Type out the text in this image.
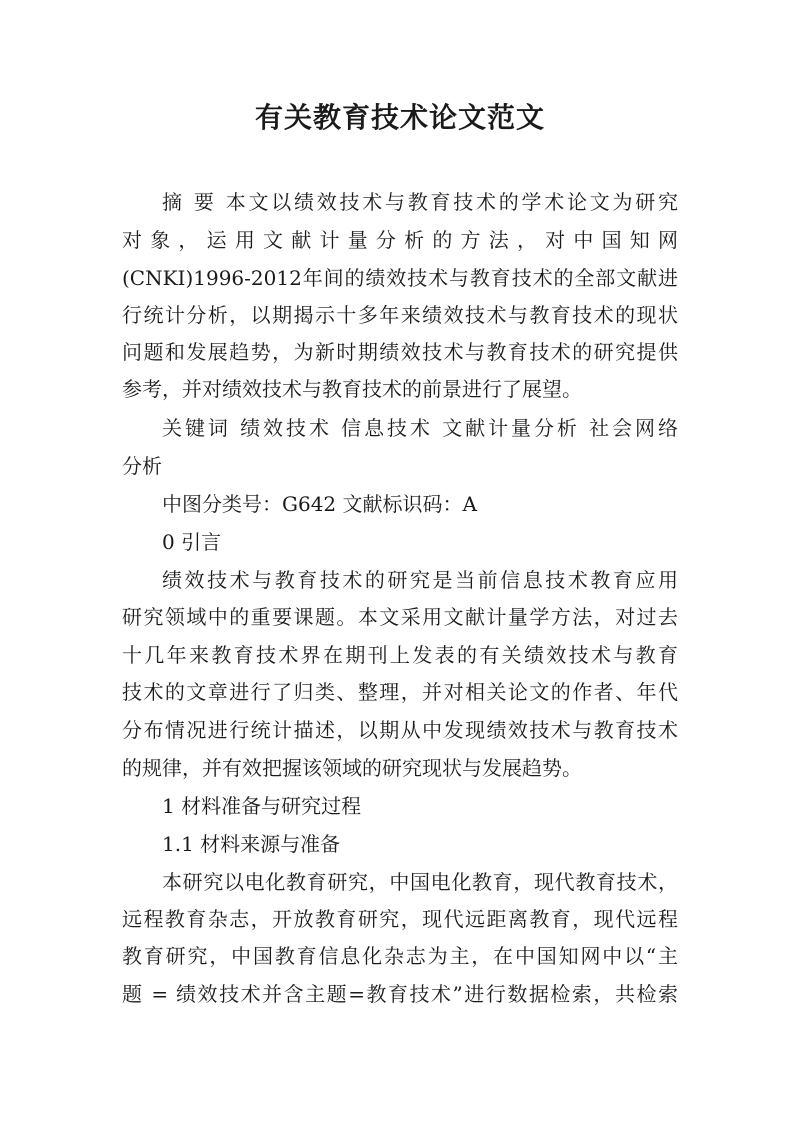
有关教育技术论文范文
摘 要 本文以绩效技术与教育技术的学术论文为研究
对象，运用文献计量分析的方法，对中国知网
(CNKI)1996-2012年间的绩效技术与教育技术的全部文献进
行统计分析，以期揭示十多年来绩效技术与教育技术的现状
问题和发展趋势，为新时期绩效技术与教育技术的研究提供
参考，并对绩效技术与教育技术的前景进行了展望。
关键词 绩效技术 信息技术 文献计量分析 社会网络
分析
中图分类号：G642 文献标识码：A
0 引言
绩效技术与教育技术的研究是当前信息技术教育应用
研究领域中的重要课题。本文采用文献计量学方法，对过去
十几年来教育技术界在期刊上发表的有关绩效技术与教育
技术的文章进行了归类、整理，并对相关论文的作者、年代
分布情况进行统计描述，以期从中发现绩效技术与教育技术
的规律，并有效把握该领域的研究现状与发展趋势。
1 材料准备与研究过程
1.1 材料来源与准备
本研究以电化教育研究，中国电化教育，现代教育技术，
远程教育杂志，开放教育研究，现代远距离教育，现代远程
教育研究，中国教育信息化杂志为主，在中国知网中以“主
题 = 绩效技术并含主题=教育技术”进行数据检索，共检索
